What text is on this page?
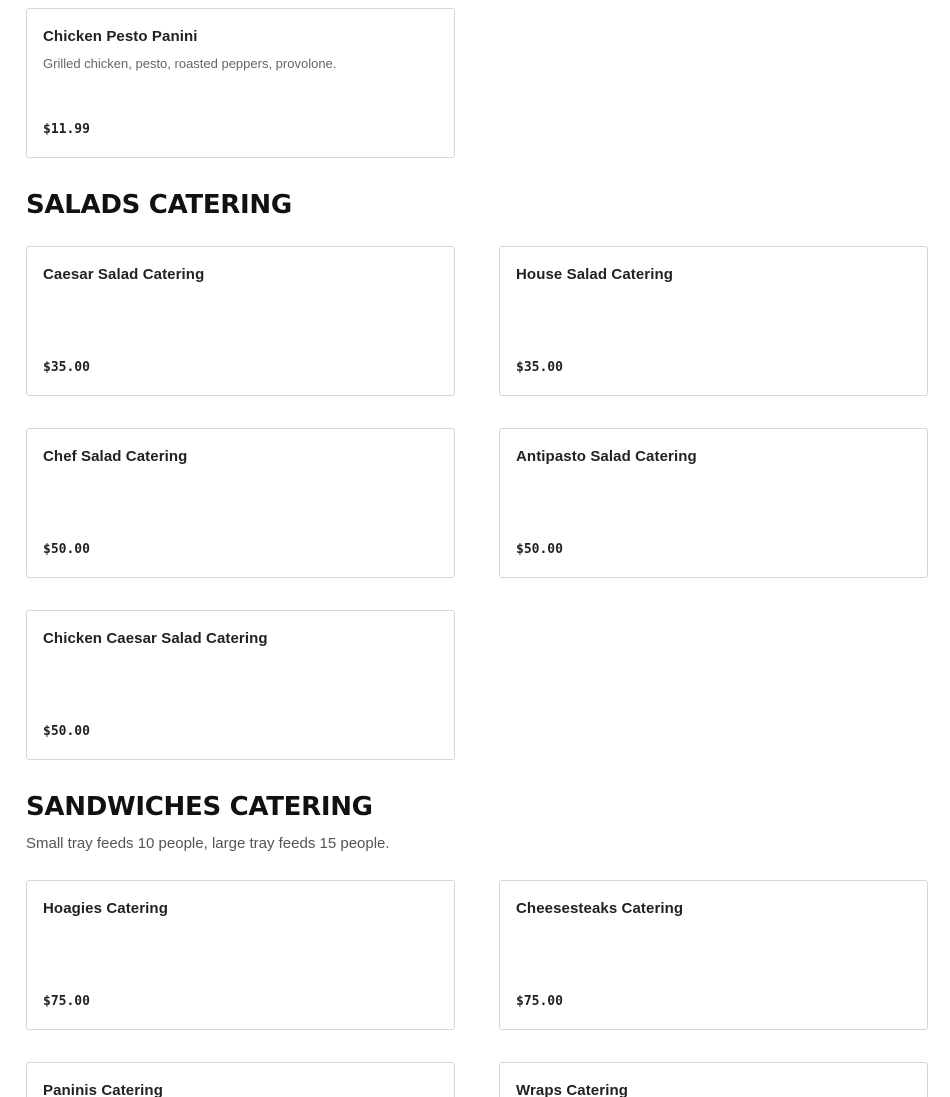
Chicken Pesto Panini
Grilled chicken, pesto, roasted peppers, provolone.
$11.99
SALADS CATERING
Caesar Salad Catering
$35.00
House Salad Catering
$35.00
Chef Salad Catering
$50.00
Antipasto Salad Catering
$50.00
Chicken Caesar Salad Catering
$50.00
SANDWICHES CATERING
Small tray feeds 10 people, large tray feeds 15 people.
Hoagies Catering
$75.00
Cheesesteaks Catering
$75.00
Paninis Catering	Wraps Catering
